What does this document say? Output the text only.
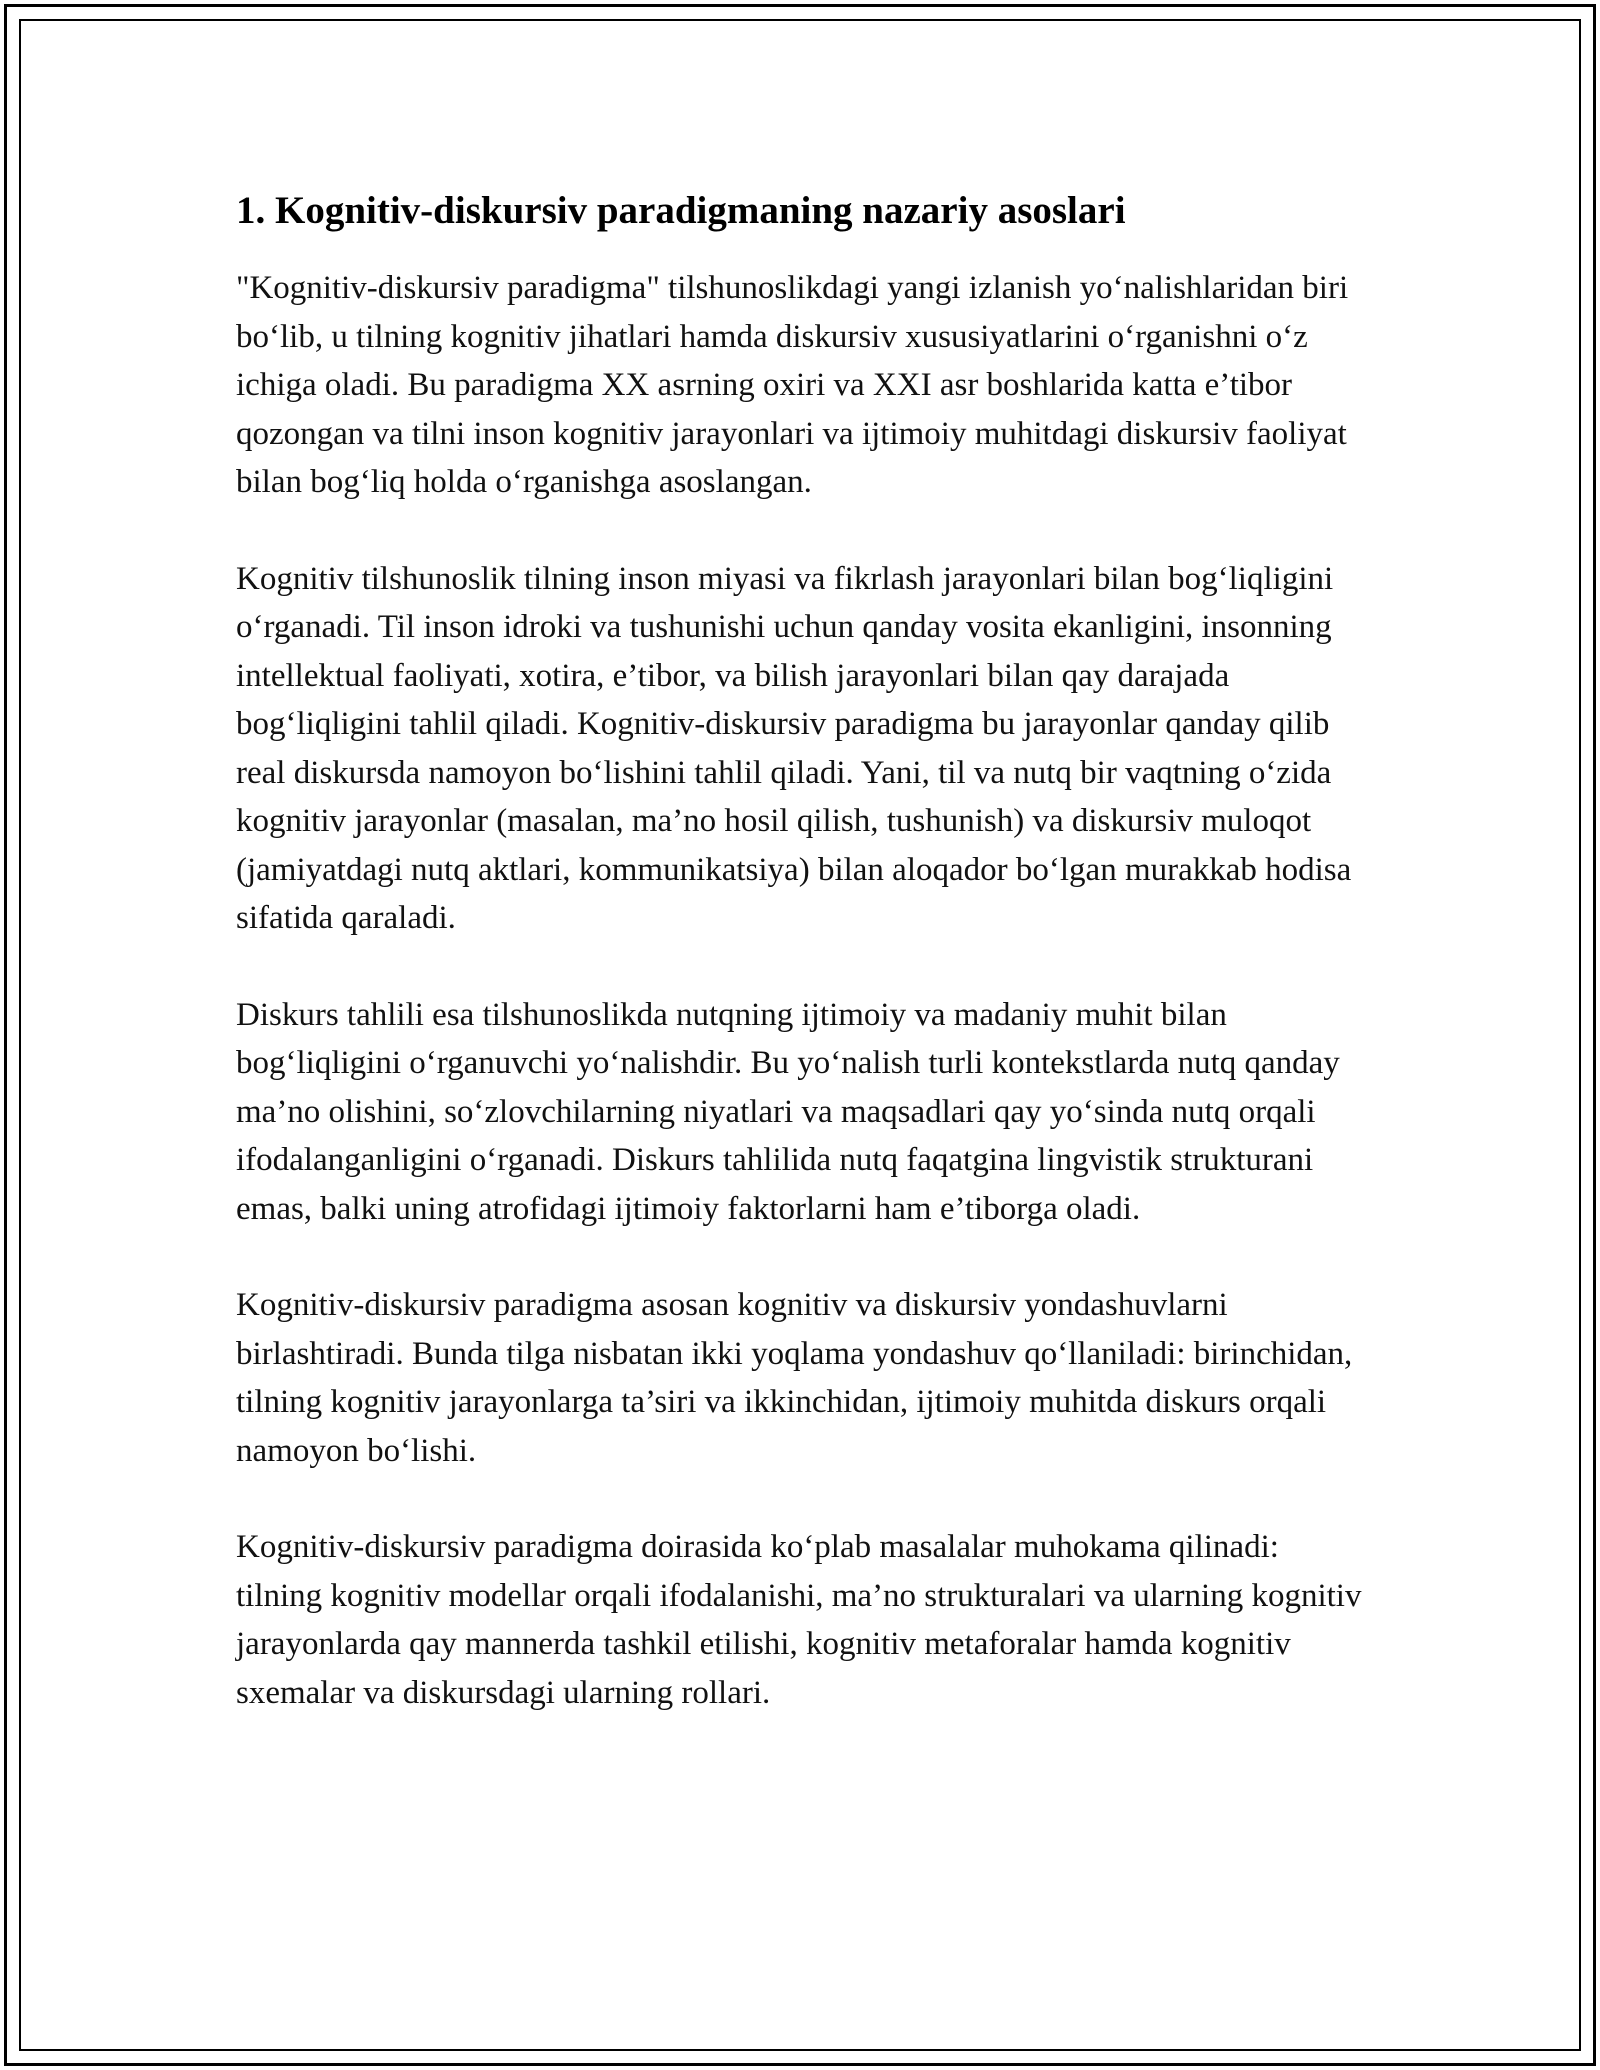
1. Kognitiv-diskursiv paradigmaning nazariy asoslari

"Kognitiv-diskursiv paradigma" tilshunoslikdagi yangi izlanish yoʻnalishlaridan biri boʻlib, u tilning kognitiv jihatlari hamda diskursiv xususiyatlarini oʻrganishni oʻz ichiga oladi. Bu paradigma XX asrning oxiri va XXI asr boshlarida katta e’tibor qozongan va tilni inson kognitiv jarayonlari va ijtimoiy muhitdagi diskursiv faoliyat bilan bogʻliq holda oʻrganishga asoslangan.

Kognitiv tilshunoslik tilning inson miyasi va fikrlash jarayonlari bilan bogʻliqligini oʻrganadi. Til inson idroki va tushunishi uchun qanday vosita ekanligini, insonning intellektual faoliyati, xotira, e’tibor, va bilish jarayonlari bilan qay darajada bogʻliqligini tahlil qiladi. Kognitiv-diskursiv paradigma bu jarayonlar qanday qilib real diskursda namoyon boʻlishini tahlil qiladi. Yani, til va nutq bir vaqtning oʻzida kognitiv jarayonlar (masalan, ma’no hosil qilish, tushunish) va diskursiv muloqot (jamiyatdagi nutq aktlari, kommunikatsiya) bilan aloqador boʻlgan murakkab hodisa sifatida qaraladi.

Diskurs tahlili esa tilshunoslikda nutqning ijtimoiy va madaniy muhit bilan bogʻliqligini oʻrganuvchi yoʻnalishdir. Bu yoʻnalish turli kontekstlarda nutq qanday ma’no olishini, soʻzlovchilarning niyatlari va maqsadlari qay yoʻsinda nutq orqali ifodalanganligini oʻrganadi. Diskurs tahlilida nutq faqatgina lingvistik strukturani emas, balki uning atrofidagi ijtimoiy faktorlarni ham e’tiborga oladi.

Kognitiv-diskursiv paradigma asosan kognitiv va diskursiv yondashuvlarni birlashtiradi. Bunda tilga nisbatan ikki yoqlama yondashuv qoʻllaniladi: birinchidan, tilning kognitiv jarayonlarga ta’siri va ikkinchidan, ijtimoiy muhitda diskurs orqali namoyon boʻlishi.

Kognitiv-diskursiv paradigma doirasida koʻplab masalalar muhokama qilinadi: tilning kognitiv modellar orqali ifodalanishi, ma’no strukturalari va ularning kognitiv jarayonlarda qay mannerda tashkil etilishi, kognitiv metaforalar hamda kognitiv sxemalar va diskursdagi ularning rollari.
